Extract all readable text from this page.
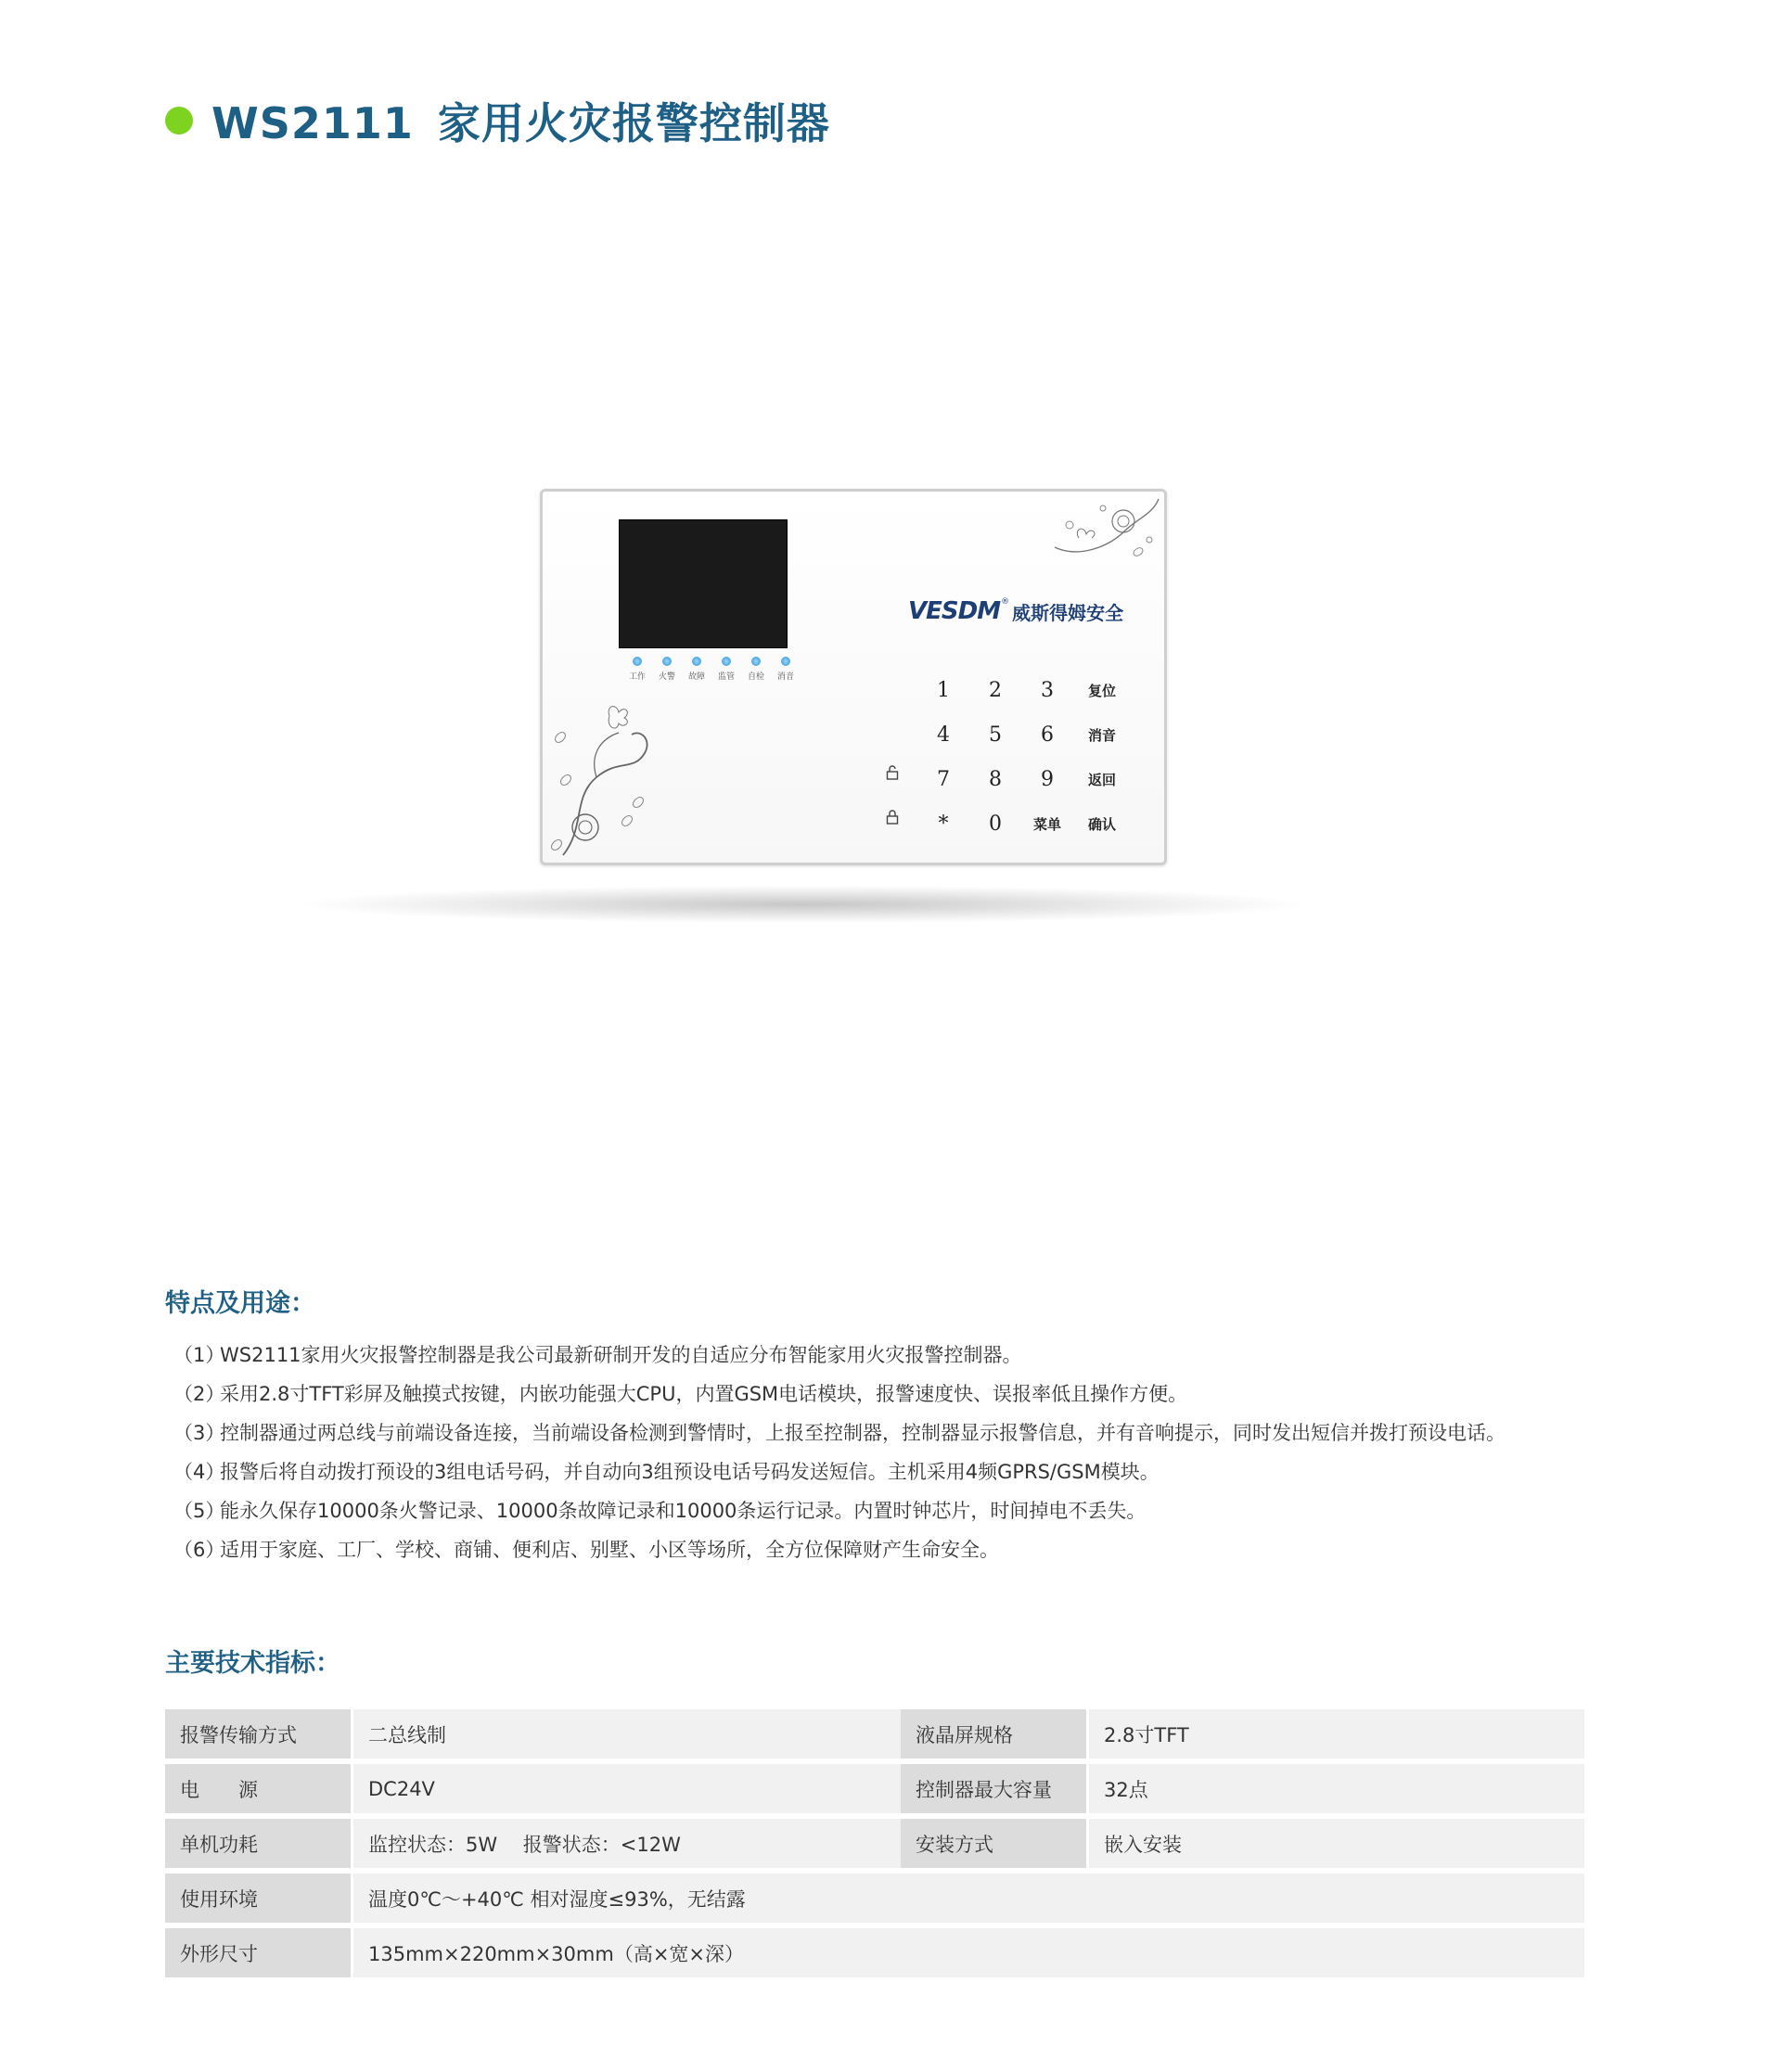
WS2111 家用火灾报警控制器
工作	火警	故障	监管	自检	消音
VESDM ® 威斯得姆安全
1	2	3	复位
4	5	6	消音
7	8	9	返回
*	0	菜单	确认
特点及用途：
（1）
WS2111家用火灾报警控制器是我公司最新研制开发的自适应分布智能家用火灾报警控制器。
（2）
采用2.8寸TFT彩屏及触摸式按键，内嵌功能强大CPU，内置GSM电话模块，报警速度快、误报率低且操作方便。
（3）
控制器通过两总线与前端设备连接，当前端设备检测到警情时，上报至控制器，控制器显示报警信息，并有音响提示，同时发出短信并拨打预设电话。
（4）
报警后将自动拨打预设的3组电话号码，并自动向3组预设电话号码发送短信。主机采用4频GPRS/GSM模块。
（5）
能永久保存10000条火警记录、10000条故障记录和10000条运行记录。内置时钟芯片，时间掉电不丢失。
（6）
适用于家庭、工厂、学校、商铺、便利店、别墅、小区等场所，全方位保障财产生命安全。
主要技术指标：
报警传输方式	二总线制	液晶屏规格	2.8寸TFT
电　　源	DC24V	控制器最大容量	32点
单机功耗	监控状态：5W　 报警状态：<12W	安装方式	嵌入安装
使用环境	温度0℃～+40℃ 相对湿度≤93%，无结露		
外形尺寸	135mm×220mm×30mm（高×宽×深）		
